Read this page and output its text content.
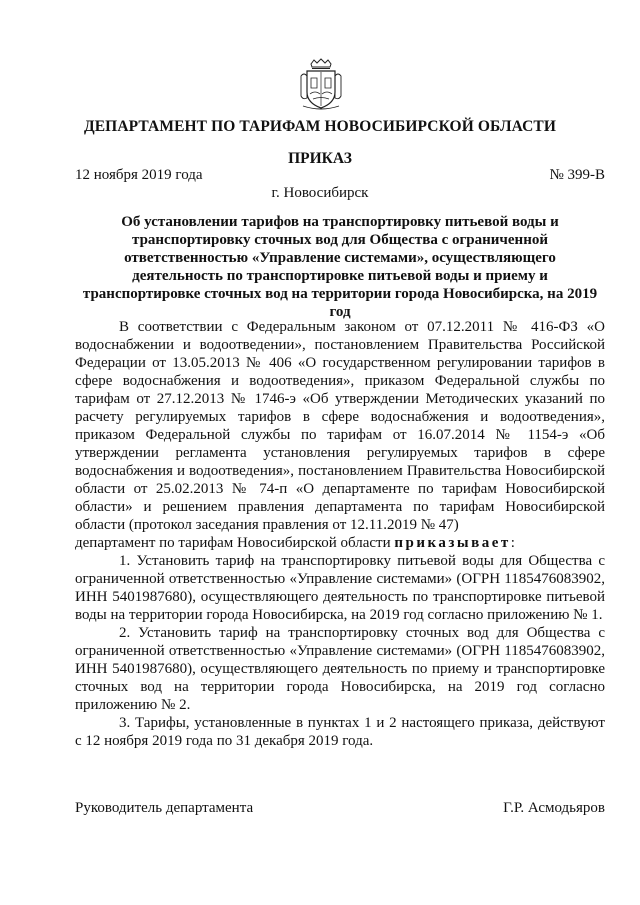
ДЕПАРТАМЕНТ ПО ТАРИФАМ НОВОСИБИРСКОЙ ОБЛАСТИ
ПРИКАЗ
12 ноября 2019 года	№ 399-В
г. Новосибирск
Об установлении тарифов на транспортировку питьевой воды и транспортировку сточных вод для Общества с ограниченной ответственностью «Управление системами», осуществляющего деятельность по транспортировке питьевой воды и приему и транспортировке сточных вод на территории города Новосибирска, на 2019 год

В соответствии с Федеральным законом от 07.12.2011 № 416-ФЗ «О водоснабжении и водоотведении», постановлением Правительства Российской Федерации от 13.05.2013 № 406 «О государственном регулировании тарифов в сфере водоснабжения и водоотведения», приказом Федеральной службы по тарифам от 27.12.2013 № 1746-э «Об утверждении Методических указаний по расчету регулируемых тарифов в сфере водоснабжения и водоотведения», приказом Федеральной службы по тарифам от 16.07.2014 № 1154-э «Об утверждении регламента установления регулируемых тарифов в сфере водоснабжения и водоотведения», постановлением Правительства Новосибирской области от 25.02.2013 № 74-п «О департаменте по тарифам Новосибирской области» и решением правления департамента по тарифам Новосибирской области (протокол заседания правления от 12.11.2019 № 47)

департамент по тарифам Новосибирской области приказывает:

1. Установить тариф на транспортировку питьевой воды для Общества с ограниченной ответственностью «Управление системами» (ОГРН 1185476083902, ИНН 5401987680), осуществляющего деятельность по транспортировке питьевой воды на территории города Новосибирска, на 2019 год согласно приложению № 1.

2. Установить тариф на транспортировку сточных вод для Общества с ограниченной ответственностью «Управление системами» (ОГРН 1185476083902, ИНН 5401987680), осуществляющего деятельность по приему и транспортировке сточных вод на территории города Новосибирска, на 2019 год согласно приложению № 2.

3. Тарифы, установленные в пунктах 1 и 2 настоящего приказа, действуют с 12 ноября 2019 года по 31 декабря 2019 года.

Руководитель департамента	Г.Р. Асмодьяров
